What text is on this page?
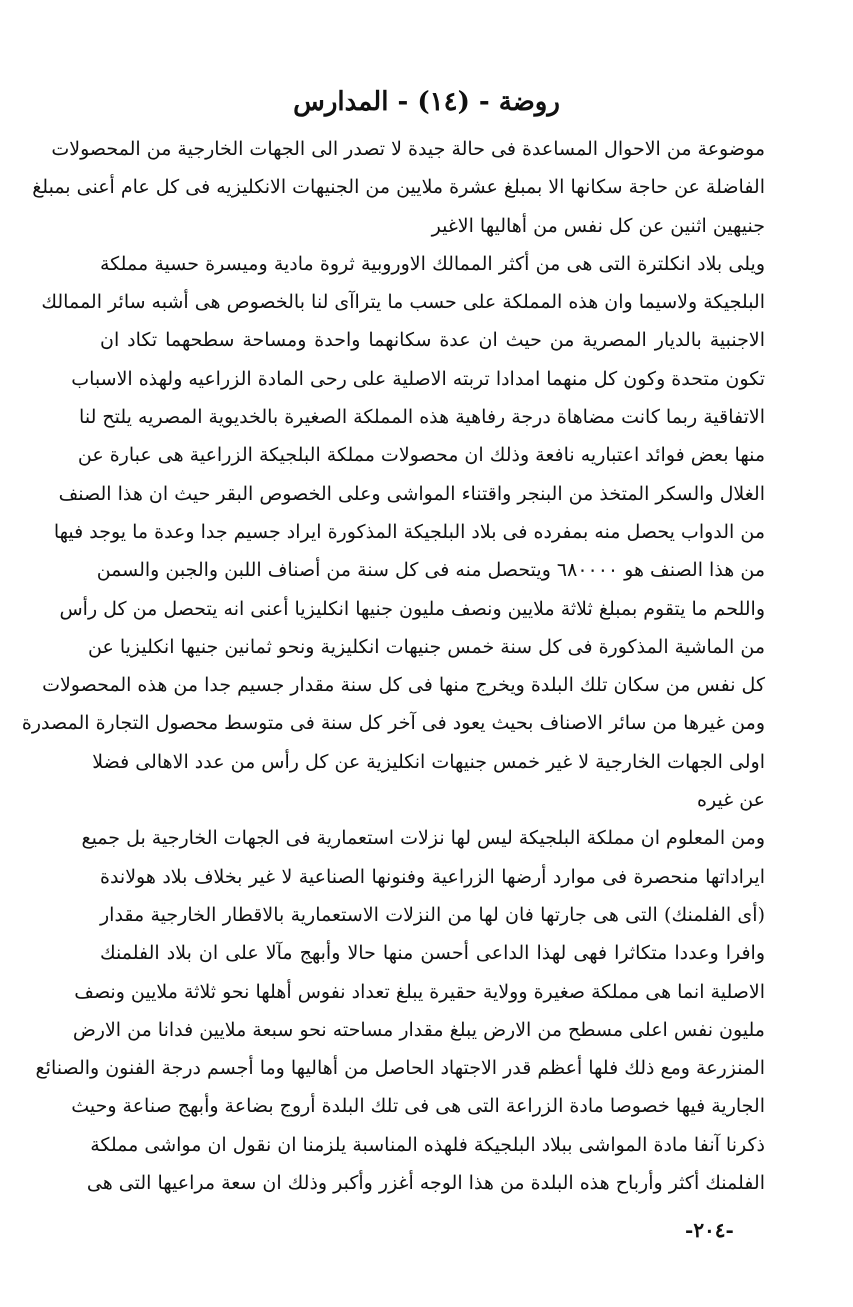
روضة - (١٤) - المدارس
موضوعة من الاحوال المساعدة فى حالة جيدة لا تصدر الى الجهات الخارجية من المحصولات
الفاضلة عن حاجة سكانها الا بمبلغ عشرة ملايين من الجنيهات الانكليزيه فى كل عام أعنى بمبلغ
جنيهين اثنين عن كل نفس من أهاليها الاغير
ويلى بلاد انكلترة التى هى من أكثر الممالك الاوروبية ثروة مادية وميسرة حسية مملكة
البلجيكة ولاسيما وان هذه المملكة على حسب ما يتراآى لنا بالخصوص هى أشبه سائر الممالك
الاجنبية بالديار المصرية من حيث ان عدة سكانهما واحدة ومساحة سطحهما تكاد ان
تكون متحدة وكون كل منهما امدادا تربته الاصلية على رحى المادة الزراعيه ولهذه الاسباب
الاتفاقية ربما كانت مضاهاة درجة رفاهية هذه المملكة الصغيرة بالخديوية المصريه يلتح لنا
منها بعض فوائد اعتباريه نافعة وذلك ان محصولات مملكة البلجيكة الزراعية هى عبارة عن
الغلال والسكر المتخذ من البنجر واقتناء المواشى وعلى الخصوص البقر حيث ان هذا الصنف
من الدواب يحصل منه بمفرده فى بلاد البلجيكة المذكورة ايراد جسيم جدا وعدة ما يوجد فيها
من هذا الصنف هو ٦٨٠٠٠٠ ويتحصل منه فى كل سنة من أصناف اللبن والجبن والسمن
واللحم ما يتقوم بمبلغ ثلاثة ملايين ونصف مليون جنيها انكليزيا أعنى انه يتحصل من كل رأس
من الماشية المذكورة فى كل سنة خمس جنيهات انكليزية ونحو ثمانين جنيها انكليزيا عن
كل نفس من سكان تلك البلدة ويخرج منها فى كل سنة مقدار جسيم جدا من هذه المحصولات
ومن غيرها من سائر الاصناف بحيث يعود فى آخر كل سنة فى متوسط محصول التجارة المصدرة
اولى الجهات الخارجية لا غير خمس جنيهات انكليزية عن كل رأس من عدد الاهالى فضلا
عن غيره
ومن المعلوم ان مملكة البلجيكة ليس لها نزلات استعمارية فى الجهات الخارجية بل جميع
ايراداتها منحصرة فى موارد أرضها الزراعية وفنونها الصناعية لا غير بخلاف بلاد هولاندة
(أى الفلمنك) التى هى جارتها فان لها من النزلات الاستعمارية بالاقطار الخارجية مقدار
وافرا وعددا متكاثرا فهى لهذا الداعى أحسن منها حالا وأبهج مآلا على ان بلاد الفلمنك
الاصلية انما هى مملكة صغيرة وولاية حقيرة يبلغ تعداد نفوس أهلها نحو ثلاثة ملايين ونصف
مليون نفس اعلى مسطح من الارض يبلغ مقدار مساحته نحو سبعة ملايين فدانا من الارض
المنزرعة ومع ذلك فلها أعظم قدر الاجتهاد الحاصل من أهاليها وما أجسم درجة الفنون والصنائع
الجارية فيها خصوصا مادة الزراعة التى هى فى تلك البلدة أروج بضاعة وأبهج صناعة وحيث
ذكرنا آنفا مادة المواشى ببلاد البلجيكة فلهذه المناسبة يلزمنا ان نقول ان مواشى مملكة
الفلمنك أكثر وأرباح هذه البلدة من هذا الوجه أغزر وأكبر وذلك ان سعة مراعيها التى هى
-٢٠٤-
